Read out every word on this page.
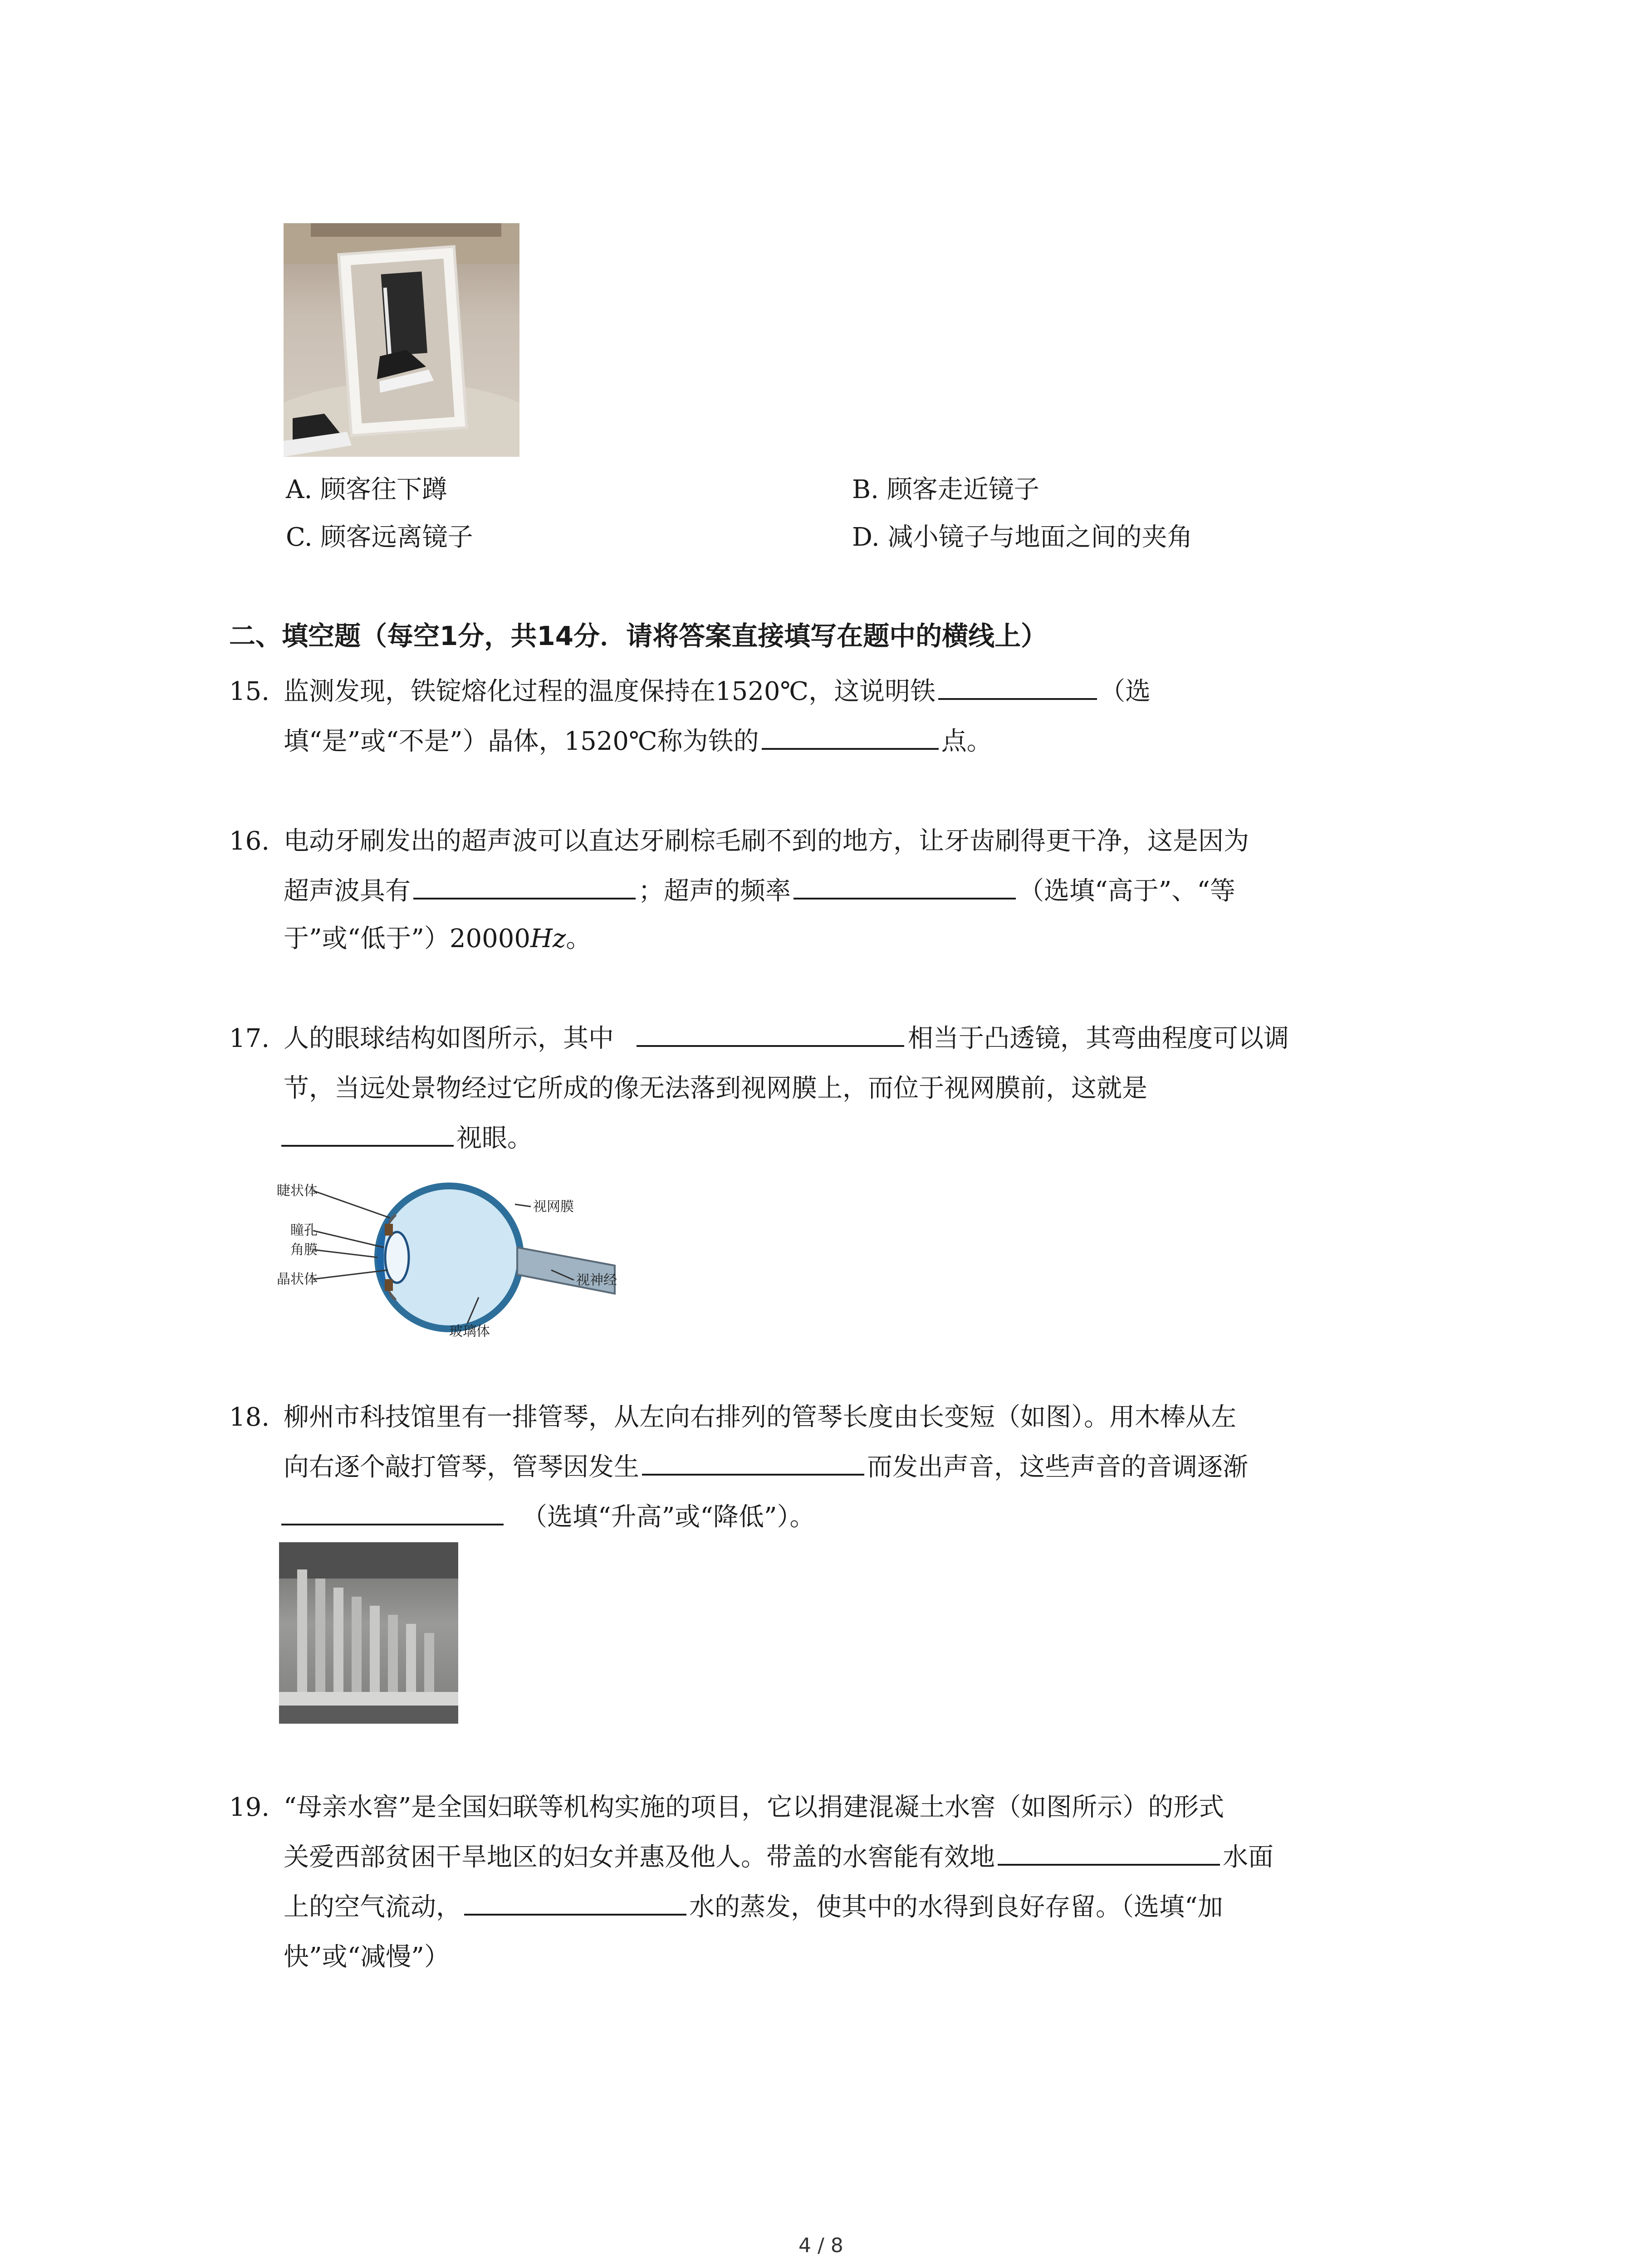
A. 顾客往下蹲	B. 顾客走近镜子
C. 顾客远离镜子	D. 减小镜子与地面之间的夹角
二、填空题（每空1分，共14分．请将答案直接填写在题中的横线上）
15. 监测发现，铁锭熔化过程的温度保持在1520℃，这说明铁	（选
填“是”或“不是”）晶体，1520℃称为铁的	点。
16. 电动牙刷发出的超声波可以直达牙刷棕毛刷不到的地方，让牙齿刷得更干净，这是因为
超声波具有	；超声的频率	（选填“高于”、“等
于”或“低于”）20000Hz。
17. 人的眼球结构如图所示，其中	相当于凸透镜，其弯曲程度可以调
节，当远处景物经过它所成的像无法落到视网膜上，而位于视网膜前，这就是
视眼。
睫状体
瞳孔
角膜
晶状体
视网膜
视神经
玻璃体
18. 柳州市科技馆里有一排管琴，从左向右排列的管琴长度由长变短（如图）。用木棒从左
向右逐个敲打管琴，管琴因发生	而发出声音，这些声音的音调逐渐
（选填“升高”或“降低”）。
19. “母亲水窖”是全国妇联等机构实施的项目，它以捐建混凝土水窖（如图所示）的形式
关爱西部贫困干旱地区的妇女并惠及他人。带盖的水窖能有效地	水面
上的空气流动，	水的蒸发，使其中的水得到良好存留。（选填“加
快”或“减慢”）
4 / 8
